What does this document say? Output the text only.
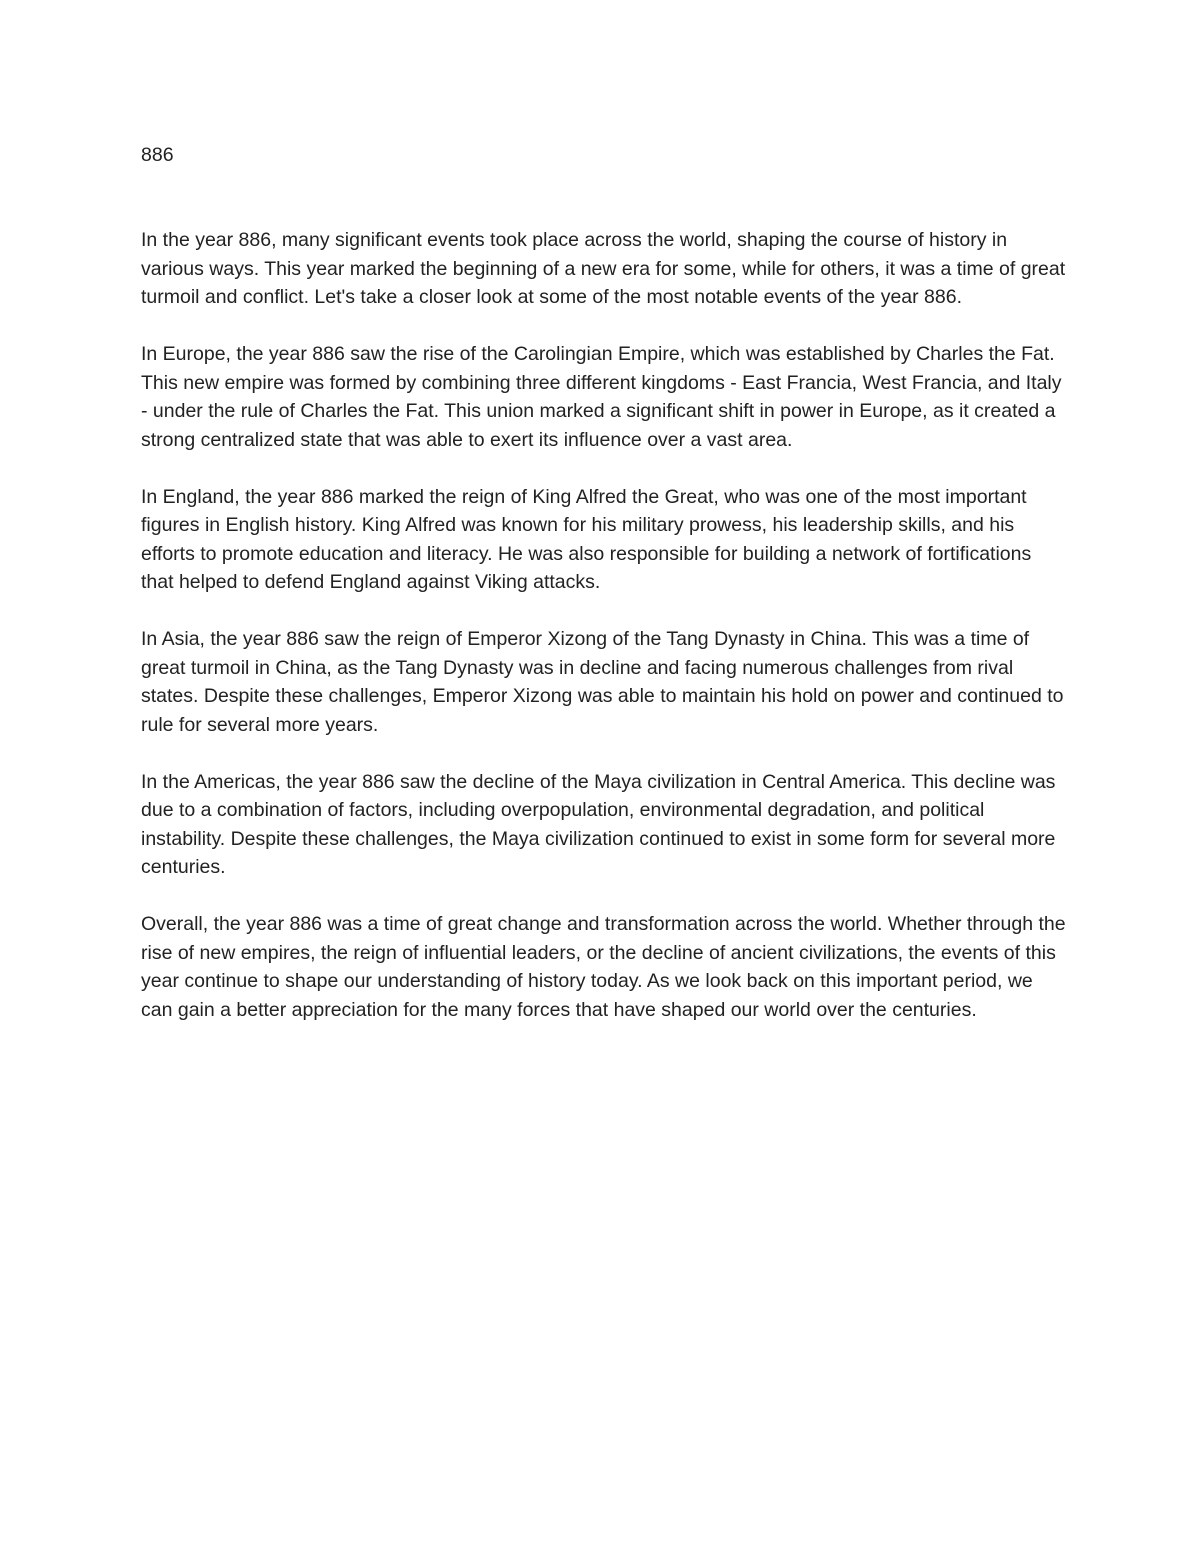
886

In the year 886, many significant events took place across the world, shaping the course of history in various ways. This year marked the beginning of a new era for some, while for others, it was a time of great turmoil and conflict. Let's take a closer look at some of the most notable events of the year 886.

In Europe, the year 886 saw the rise of the Carolingian Empire, which was established by Charles the Fat. This new empire was formed by combining three different kingdoms - East Francia, West Francia, and Italy - under the rule of Charles the Fat. This union marked a significant shift in power in Europe, as it created a strong centralized state that was able to exert its influence over a vast area.

In England, the year 886 marked the reign of King Alfred the Great, who was one of the most important figures in English history. King Alfred was known for his military prowess, his leadership skills, and his efforts to promote education and literacy. He was also responsible for building a network of fortifications that helped to defend England against Viking attacks.

In Asia, the year 886 saw the reign of Emperor Xizong of the Tang Dynasty in China. This was a time of great turmoil in China, as the Tang Dynasty was in decline and facing numerous challenges from rival states. Despite these challenges, Emperor Xizong was able to maintain his hold on power and continued to rule for several more years.

In the Americas, the year 886 saw the decline of the Maya civilization in Central America. This decline was due to a combination of factors, including overpopulation, environmental degradation, and political instability. Despite these challenges, the Maya civilization continued to exist in some form for several more centuries.

Overall, the year 886 was a time of great change and transformation across the world. Whether through the rise of new empires, the reign of influential leaders, or the decline of ancient civilizations, the events of this year continue to shape our understanding of history today. As we look back on this important period, we can gain a better appreciation for the many forces that have shaped our world over the centuries.
